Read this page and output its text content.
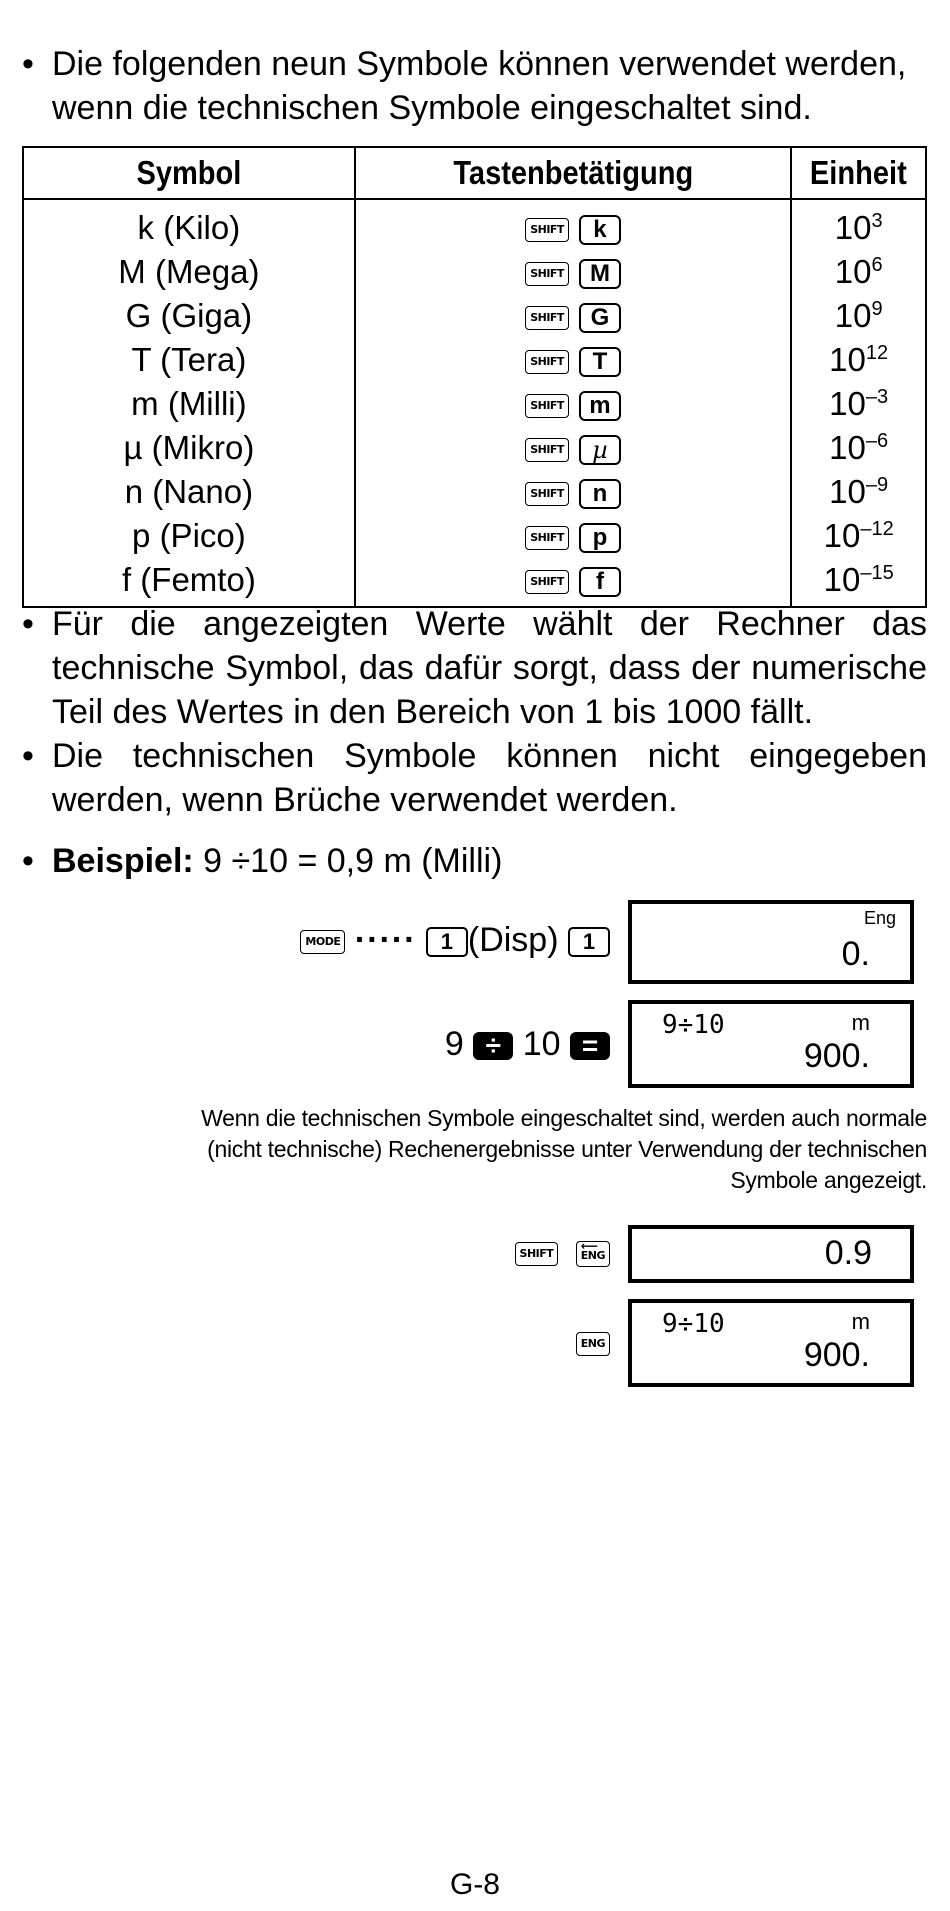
• Die folgenden neun Symbole können verwendet werden,
wenn die technischen Symbole eingeschaltet sind.
Symbol	Tastenbetätigung	Einheit
k (Kilo)	SHIFT k	$10^3$
M (Mega)	SHIFT M	$10^6$
G (Giga)	SHIFT G	$10^9$
T (Tera)	SHIFT T	$10^{12}$
m (Milli)	SHIFT m	$10^{-3}$
µ (Mikro)	SHIFT µ	$10^{-6}$
n (Nano)	SHIFT n	$10^{-9}$
p (Pico)	SHIFT p	$10^{-12}$
f (Femto)	SHIFT f	$10^{-15}$
• Für die angezeigten Werte wählt der Rechner das
technische Symbol, das dafür sorgt, dass der numerische
Teil des Wertes in den Bereich von 1 bis 1000 fällt.
• Die technischen Symbole können nicht eingegeben
werden, wenn Brüche verwendet werden.
• Beispiel: 9 ÷10 = 0,9 m (Milli)
MODE ····· 1 (Disp) 1
Eng
0.
9 ÷ 10 =
9÷10	m
900.
Wenn die technischen Symbole eingeschaltet sind, werden auch normale
(nicht technische) Rechenergebnisse unter Verwendung der technischen
Symbole angezeigt.
SHIFT
⟵
ENG	0.9
ENG
9÷10	m
900.
G-8
